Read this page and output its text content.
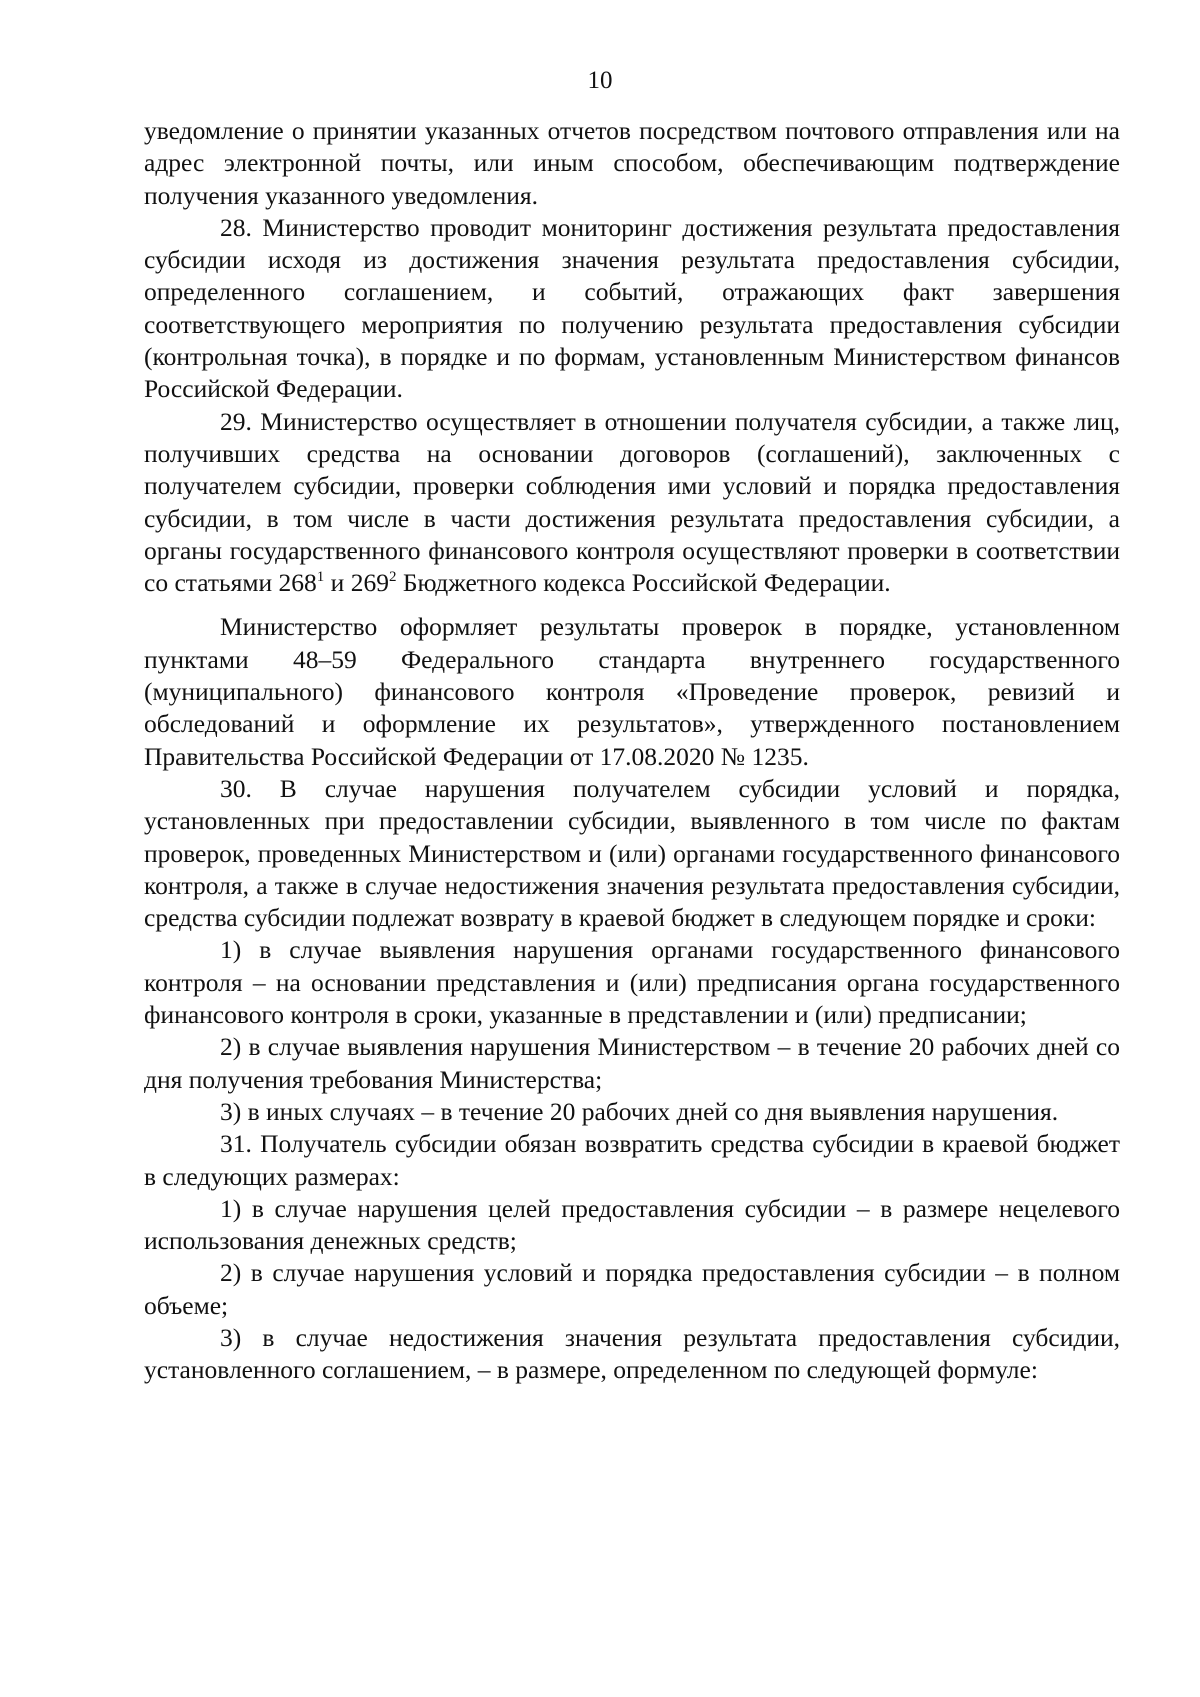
10

уведомление о принятии указанных отчетов посредством почтового отправления или на адрес электронной почты, или иным способом, обеспечивающим подтверждение получения указанного уведомления.

28. Министерство проводит мониторинг достижения результата предоставления субсидии исходя из достижения значения результата предоставления субсидии, определенного соглашением, и событий, отражающих факт завершения соответствующего мероприятия по получению результата предоставления субсидии (контрольная точка), в порядке и по формам, установленным Министерством финансов Российской Федерации.

29. Министерство осуществляет в отношении получателя субсидии, а также лиц, получивших средства на основании договоров (соглашений), заключенных с получателем субсидии, проверки соблюдения ими условий и порядка предоставления субсидии, в том числе в части достижения результата предоставления субсидии, а органы государственного финансового контроля осуществляют проверки в соответствии со статьями $268^1$ и $269^2$ Бюджетного кодекса Российской Федерации.

Министерство оформляет результаты проверок в порядке, установленном пунктами 48–59 Федерального стандарта внутреннего государственного (муниципального) финансового контроля «Проведение проверок, ревизий и обследований и оформление их результатов», утвержденного постановлением Правительства Российской Федерации от 17.08.2020 № 1235.

30. В случае нарушения получателем субсидии условий и порядка, установленных при предоставлении субсидии, выявленного в том числе по фактам проверок, проведенных Министерством и (или) органами государственного финансового контроля, а также в случае недостижения значения результата предоставления субсидии, средства субсидии подлежат возврату в краевой бюджет в следующем порядке и сроки:

1) в случае выявления нарушения органами государственного финансового контроля – на основании представления и (или) предписания органа государственного финансового контроля в сроки, указанные в представлении и (или) предписании;

2) в случае выявления нарушения Министерством – в течение 20 рабочих дней со дня получения требования Министерства;

3) в иных случаях – в течение 20 рабочих дней со дня выявления нарушения.

31. Получатель субсидии обязан возвратить средства субсидии в краевой бюджет в следующих размерах:

1) в случае нарушения целей предоставления субсидии – в размере нецелевого использования денежных средств;

2) в случае нарушения условий и порядка предоставления субсидии – в полном объеме;

3) в случае недостижения значения результата предоставления субсидии, установленного соглашением, – в размере, определенном по следующей формуле:
